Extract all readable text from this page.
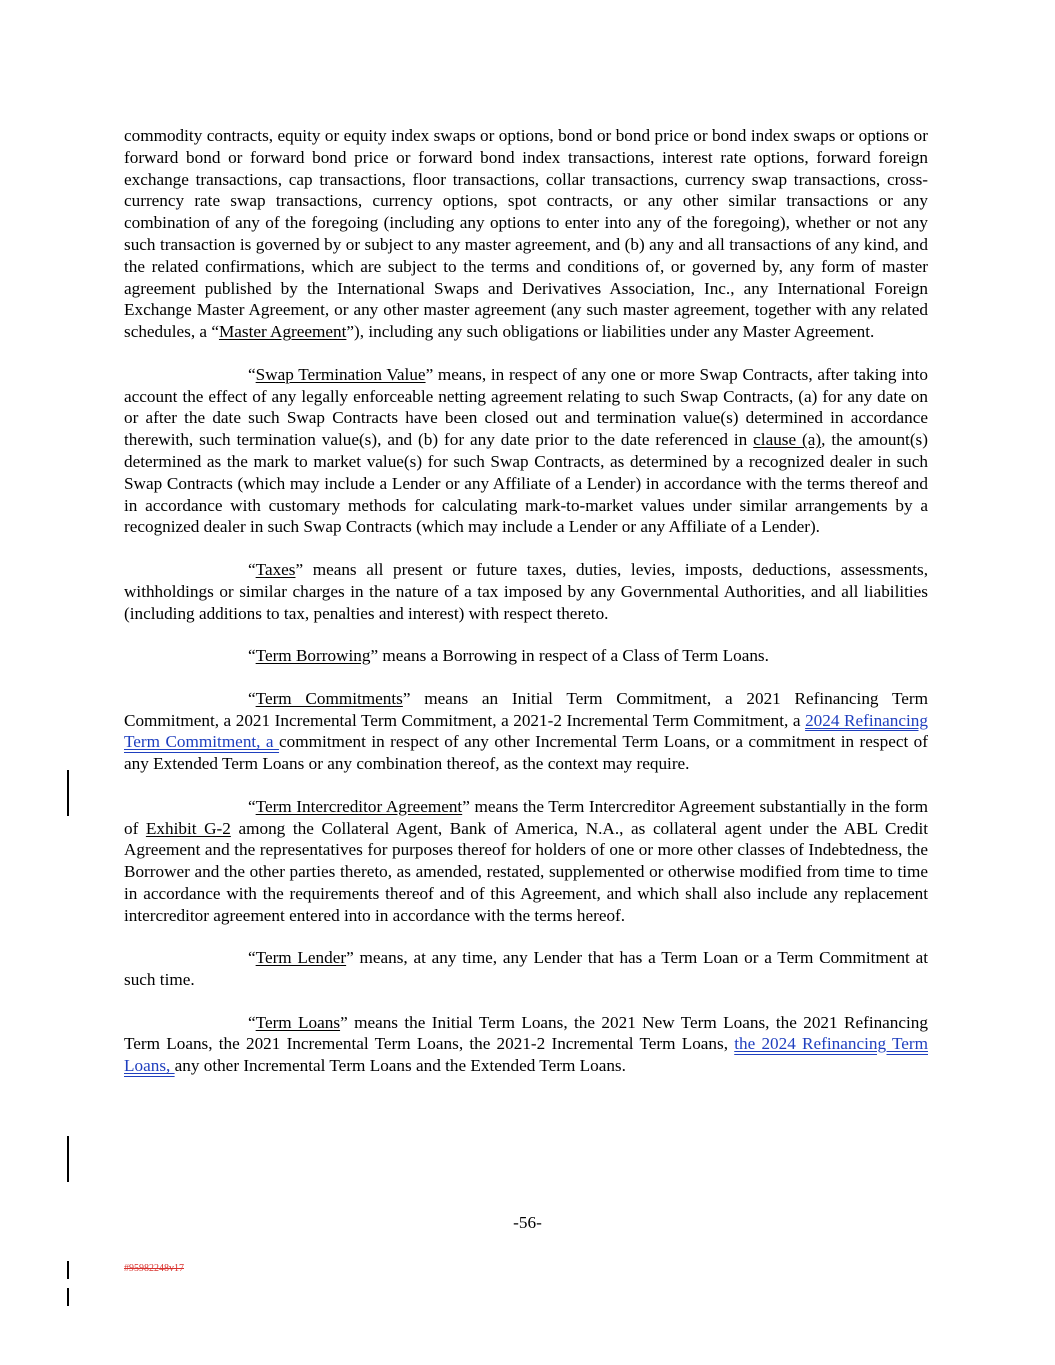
commodity contracts, equity or equity index swaps or options, bond or bond price or bond index swaps or options or forward bond or forward bond price or forward bond index transactions, interest rate options, forward foreign exchange transactions, cap transactions, floor transactions, collar transactions, currency swap transactions, cross-currency rate swap transactions, currency options, spot contracts, or any other similar transactions or any combination of any of the foregoing (including any options to enter into any of the foregoing), whether or not any such transaction is governed by or subject to any master agreement, and (b) any and all transactions of any kind, and the related confirmations, which are subject to the terms and conditions of, or governed by, any form of master agreement published by the International Swaps and Derivatives Association, Inc., any International Foreign Exchange Master Agreement, or any other master agreement (any such master agreement, together with any related schedules, a “Master Agreement”), including any such obligations or liabilities under any Master Agreement.

“Swap Termination Value” means, in respect of any one or more Swap Contracts, after taking into account the effect of any legally enforceable netting agreement relating to such Swap Contracts, (a) for any date on or after the date such Swap Contracts have been closed out and termination value(s) determined in accordance therewith, such termination value(s), and (b) for any date prior to the date referenced in clause (a), the amount(s) determined as the mark to market value(s) for such Swap Contracts, as determined by a recognized dealer in such Swap Contracts (which may include a Lender or any Affiliate of a Lender) in accordance with the terms thereof and in accordance with customary methods for calculating mark-to-market values under similar arrangements by a recognized dealer in such Swap Contracts (which may include a Lender or any Affiliate of a Lender).

“Taxes” means all present or future taxes, duties, levies, imposts, deductions, assessments, withholdings or similar charges in the nature of a tax imposed by any Governmental Authorities, and all liabilities (including additions to tax, penalties and interest) with respect thereto.

“Term Borrowing” means a Borrowing in respect of a Class of Term Loans.

“Term Commitments” means an Initial Term Commitment, a 2021 Refinancing Term Commitment, a 2021 Incremental Term Commitment, a 2021-2 Incremental Term Commitment, a 2024 Refinancing Term Commitment, a commitment in respect of any other Incremental Term Loans, or a commitment in respect of any Extended Term Loans or any combination thereof, as the context may require.

“Term Intercreditor Agreement” means the Term Intercreditor Agreement substantially in the form of Exhibit G-2 among the Collateral Agent, Bank of America, N.A., as collateral agent under the ABL Credit Agreement and the representatives for purposes thereof for holders of one or more other classes of Indebtedness, the Borrower and the other parties thereto, as amended, restated, supplemented or otherwise modified from time to time in accordance with the requirements thereof and of this Agreement, and which shall also include any replacement intercreditor agreement entered into in accordance with the terms hereof.

“Term Lender” means, at any time, any Lender that has a Term Loan or a Term Commitment at such time.

“Term Loans” means the Initial Term Loans, the 2021 New Term Loans, the 2021 Refinancing Term Loans, the 2021 Incremental Term Loans, the 2021-2 Incremental Term Loans, the 2024 Refinancing Term Loans, any other Incremental Term Loans and the Extended Term Loans.

-56-
#95982248v17
